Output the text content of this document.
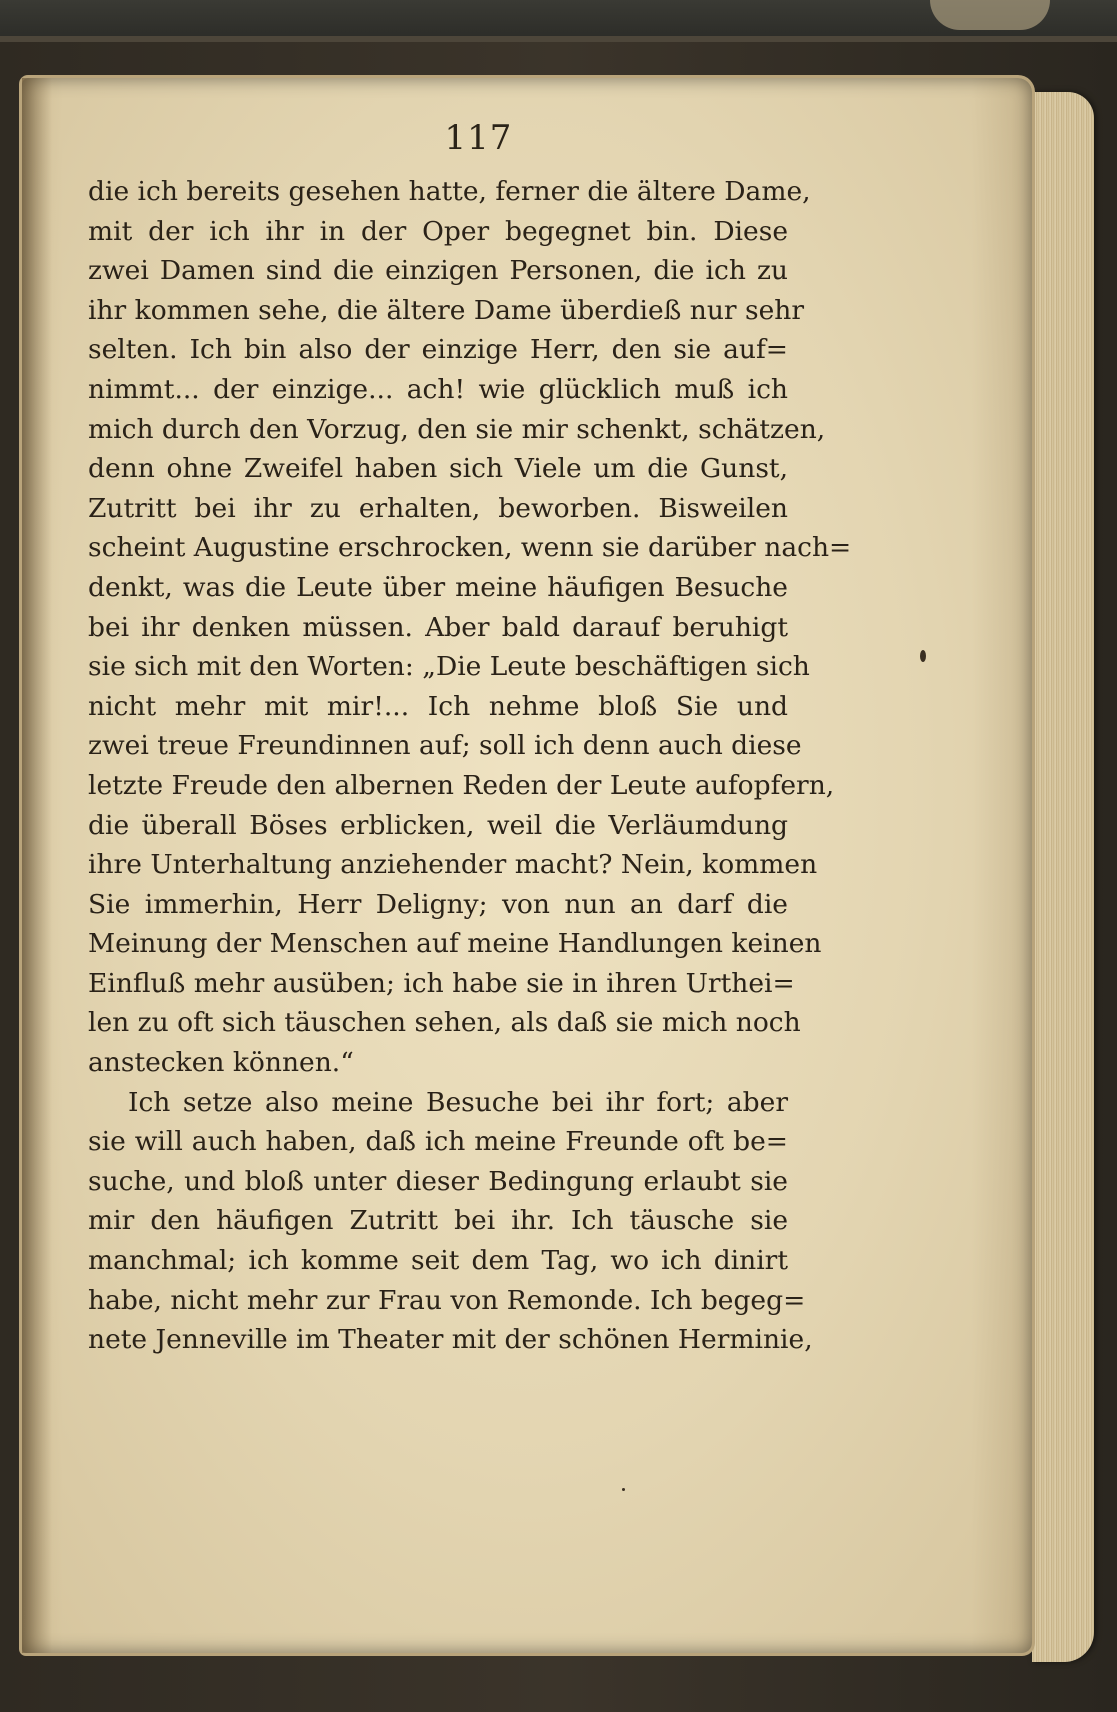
117
die ich bereits gesehen hatte, ferner die ältere Dame,
mit der ich ihr in der Oper begegnet bin. Diese
zwei Damen sind die einzigen Personen, die ich zu
ihr kommen sehe, die ältere Dame überdieß nur sehr
selten. Ich bin also der einzige Herr, den sie auf=
nimmt... der einzige... ach! wie glücklich muß ich
mich durch den Vorzug, den sie mir schenkt, schätzen,
denn ohne Zweifel haben sich Viele um die Gunst,
Zutritt bei ihr zu erhalten, beworben. Bisweilen
scheint Augustine erschrocken, wenn sie darüber nach=
denkt, was die Leute über meine häufigen Besuche
bei ihr denken müssen. Aber bald darauf beruhigt
sie sich mit den Worten: „Die Leute beschäftigen sich
nicht mehr mit mir!... Ich nehme bloß Sie und
zwei treue Freundinnen auf; soll ich denn auch diese
letzte Freude den albernen Reden der Leute aufopfern,
die überall Böses erblicken, weil die Verläumdung
ihre Unterhaltung anziehender macht? Nein, kommen
Sie immerhin, Herr Deligny; von nun an darf die
Meinung der Menschen auf meine Handlungen keinen
Einfluß mehr ausüben; ich habe sie in ihren Urthei=
len zu oft sich täuschen sehen, als daß sie mich noch
anstecken können.“
Ich setze also meine Besuche bei ihr fort; aber
sie will auch haben, daß ich meine Freunde oft be=
suche, und bloß unter dieser Bedingung erlaubt sie
mir den häufigen Zutritt bei ihr. Ich täusche sie
manchmal; ich komme seit dem Tag, wo ich dinirt
habe, nicht mehr zur Frau von Remonde. Ich begeg=
nete Jenneville im Theater mit der schönen Herminie,
